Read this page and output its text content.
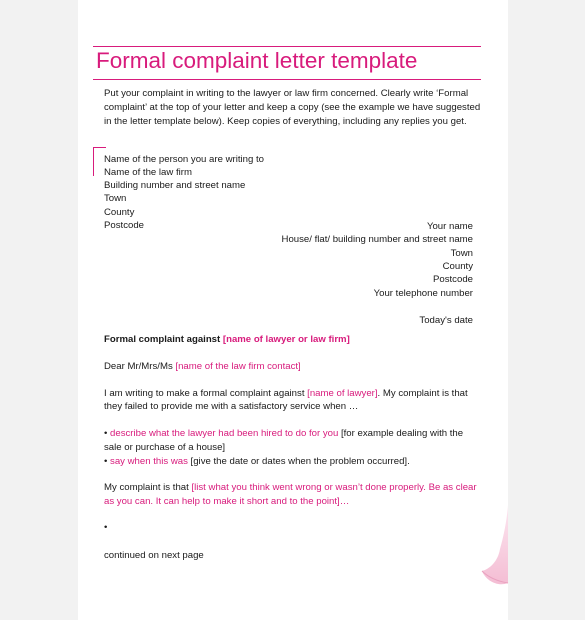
Formal complaint letter template
Put your complaint in writing to the lawyer or law firm concerned. Clearly write ‘Formal
complaint’ at the top of your letter and keep a copy (see the example we have suggested
in the letter template below). Keep copies of everything, including any replies you get.
Name of the person you are writing to
Name of the law firm
Building number and street name
Town
County
Postcode	Your name
House/ flat/ building number and street name
Town
County
Postcode
Your telephone number
Today's date
Formal complaint against [name of lawyer or law firm]
Dear Mr/Mrs/Ms [name of the law firm contact]
I am writing to make a formal complaint against [name of lawyer]. My complaint is that
they failed to provide me with a satisfactory service when …
• describe what the lawyer had been hired to do for you [for example dealing with the
sale or purchase of a house]
• say when this was [give the date or dates when the problem occurred].
My complaint is that [list what you think went wrong or wasn’t done properly. Be as clear
as you can. It can help to make it short and to the point]…
•
continued on next page
